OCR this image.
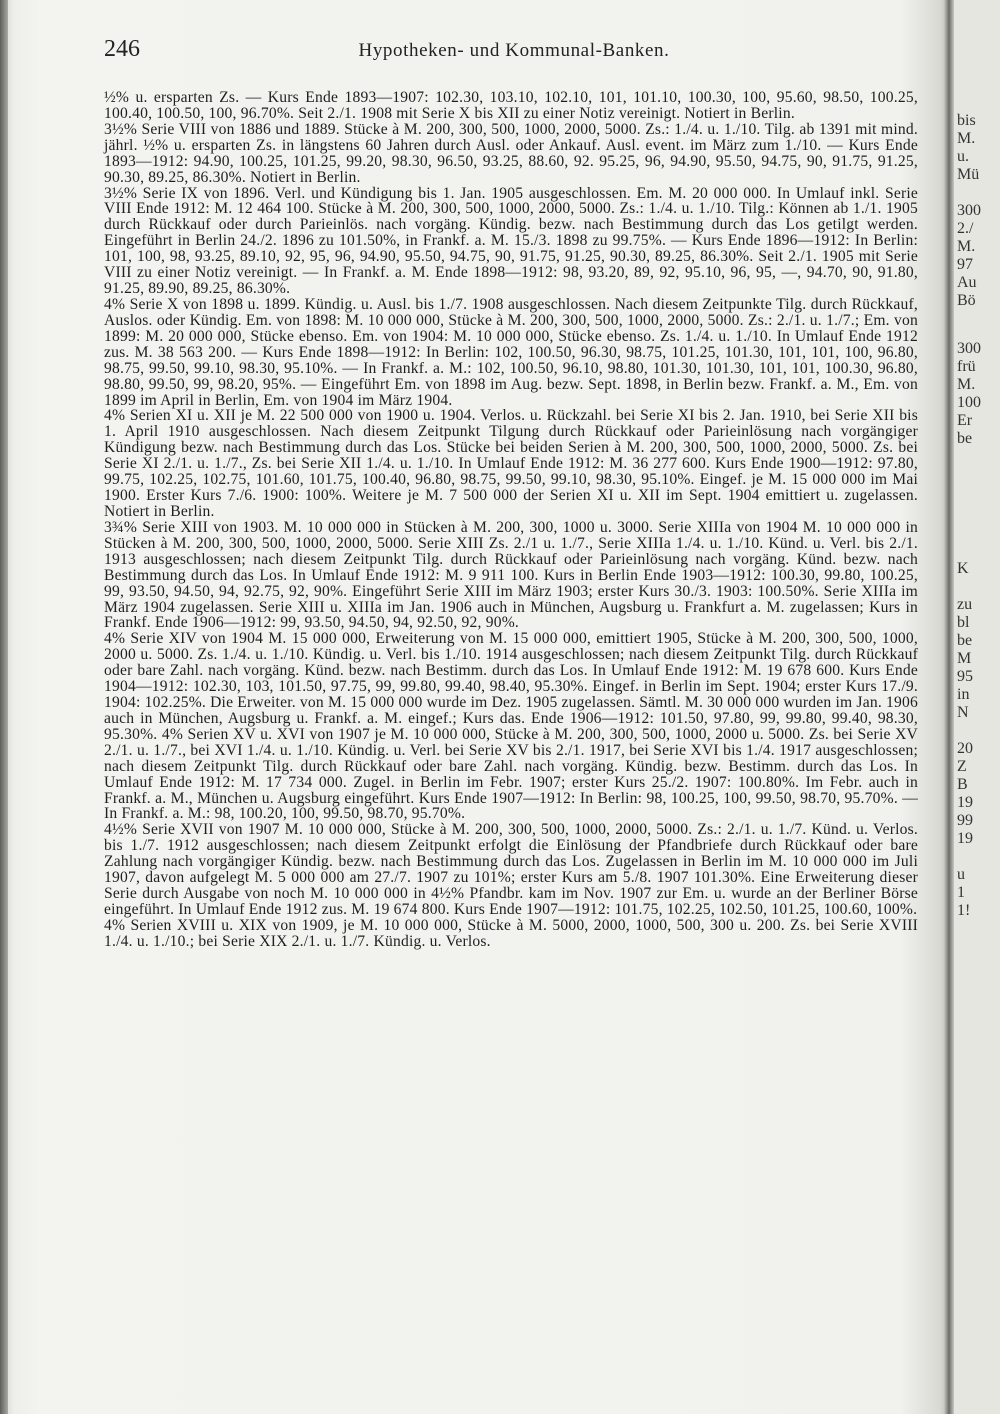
246	Hypotheken- und Kommunal-Banken.

½% u. ersparten Zs. — Kurs Ende 1893—1907: 102.30, 103.10, 102.10, 101, 101.10, 100.30, 100, 95.60, 98.50, 100.25, 100.40, 100.50, 100, 96.70%. Seit 2./1. 1908 mit Serie X bis XII zu einer Notiz vereinigt. Notiert in Berlin.

3½% Serie VIII von 1886 und 1889. Stücke à M. 200, 300, 500, 1000, 2000, 5000. Zs.: 1./4. u. 1./10. Tilg. ab 1391 mit mind. jährl. ½% u. ersparten Zs. in längstens 60 Jahren durch Ausl. oder Ankauf. Ausl. event. im März zum 1./10. — Kurs Ende 1893—1912: 94.90, 100.25, 101.25, 99.20, 98.30, 96.50, 93.25, 88.60, 92. 95.25, 96, 94.90, 95.50, 94.75, 90, 91.75, 91.25, 90.30, 89.25, 86.30%. Notiert in Berlin.

3½% Serie IX von 1896. Verl. und Kündigung bis 1. Jan. 1905 ausgeschlossen. Em. M. 20 000 000. In Umlauf inkl. Serie VIII Ende 1912: M. 12 464 100. Stücke à M. 200, 300, 500, 1000, 2000, 5000. Zs.: 1./4. u. 1./10. Tilg.: Können ab 1./1. 1905 durch Rückkauf oder durch Parieinlös. nach vorgäng. Kündig. bezw. nach Bestimmung durch das Los getilgt werden. Eingeführt in Berlin 24./2. 1896 zu 101.50%, in Frankf. a. M. 15./3. 1898 zu 99.75%. — Kurs Ende 1896—1912: In Berlin: 101, 100, 98, 93.25, 89.10, 92, 95, 96, 94.90, 95.50, 94.75, 90, 91.75, 91.25, 90.30, 89.25, 86.30%. Seit 2./1. 1905 mit Serie VIII zu einer Notiz vereinigt. — In Frankf. a. M. Ende 1898—1912: 98, 93.20, 89, 92, 95.10, 96, 95, —, 94.70, 90, 91.80, 91.25, 89.90, 89.25, 86.30%.

4% Serie X von 1898 u. 1899. Kündig. u. Ausl. bis 1./7. 1908 ausgeschlossen. Nach diesem Zeitpunkte Tilg. durch Rückkauf, Auslos. oder Kündig. Em. von 1898: M. 10 000 000, Stücke à M. 200, 300, 500, 1000, 2000, 5000. Zs.: 2./1. u. 1./7.; Em. von 1899: M. 20 000 000, Stücke ebenso. Em. von 1904: M. 10 000 000, Stücke ebenso. Zs. 1./4. u. 1./10. In Umlauf Ende 1912 zus. M. 38 563 200. — Kurs Ende 1898—1912: In Berlin: 102, 100.50, 96.30, 98.75, 101.25, 101.30, 101, 101, 100, 96.80, 98.75, 99.50, 99.10, 98.30, 95.10%. — In Frankf. a. M.: 102, 100.50, 96.10, 98.80, 101.30, 101.30, 101, 101, 100.30, 96.80, 98.80, 99.50, 99, 98.20, 95%. — Eingeführt Em. von 1898 im Aug. bezw. Sept. 1898, in Berlin bezw. Frankf. a. M., Em. von 1899 im April in Berlin, Em. von 1904 im März 1904.

4% Serien XI u. XII je M. 22 500 000 von 1900 u. 1904. Verlos. u. Rückzahl. bei Serie XI bis 2. Jan. 1910, bei Serie XII bis 1. April 1910 ausgeschlossen. Nach diesem Zeitpunkt Tilgung durch Rückkauf oder Parieinlösung nach vorgängiger Kündigung bezw. nach Bestimmung durch das Los. Stücke bei beiden Serien à M. 200, 300, 500, 1000, 2000, 5000. Zs. bei Serie XI 2./1. u. 1./7., Zs. bei Serie XII 1./4. u. 1./10. In Umlauf Ende 1912: M. 36 277 600. Kurs Ende 1900—1912: 97.80, 99.75, 102.25, 102.75, 101.60, 101.75, 100.40, 96.80, 98.75, 99.50, 99.10, 98.30, 95.10%. Eingef. je M. 15 000 000 im Mai 1900. Erster Kurs 7./6. 1900: 100%. Weitere je M. 7 500 000 der Serien XI u. XII im Sept. 1904 emittiert u. zugelassen. Notiert in Berlin.

3¾% Serie XIII von 1903. M. 10 000 000 in Stücken à M. 200, 300, 1000 u. 3000. Serie XIIIa von 1904 M. 10 000 000 in Stücken à M. 200, 300, 500, 1000, 2000, 5000. Serie XIII Zs. 2./1 u. 1./7., Serie XIIIa 1./4. u. 1./10. Künd. u. Verl. bis 2./1. 1913 ausgeschlossen; nach diesem Zeitpunkt Tilg. durch Rückkauf oder Parieinlösung nach vorgäng. Künd. bezw. nach Bestimmung durch das Los. In Umlauf Ende 1912: M. 9 911 100. Kurs in Berlin Ende 1903—1912: 100.30, 99.80, 100.25, 99, 93.50, 94.50, 94, 92.75, 92, 90%. Eingeführt Serie XIII im März 1903; erster Kurs 30./3. 1903: 100.50%. Serie XIIIa im März 1904 zugelassen. Serie XIII u. XIIIa im Jan. 1906 auch in München, Augsburg u. Frankfurt a. M. zugelassen; Kurs in Frankf. Ende 1906—1912: 99, 93.50, 94.50, 94, 92.50, 92, 90%.

4% Serie XIV von 1904 M. 15 000 000, Erweiterung von M. 15 000 000, emittiert 1905, Stücke à M. 200, 300, 500, 1000, 2000 u. 5000. Zs. 1./4. u. 1./10. Kündig. u. Verl. bis 1./10. 1914 ausgeschlossen; nach diesem Zeitpunkt Tilg. durch Rückkauf oder bare Zahl. nach vorgäng. Künd. bezw. nach Bestimm. durch das Los. In Umlauf Ende 1912: M. 19 678 600. Kurs Ende 1904—1912: 102.30, 103, 101.50, 97.75, 99, 99.80, 99.40, 98.40, 95.30%. Eingef. in Berlin im Sept. 1904; erster Kurs 17./9. 1904: 102.25%. Die Erweiter. von M. 15 000 000 wurde im Dez. 1905 zugelassen. Sämtl. M. 30 000 000 wurden im Jan. 1906 auch in München, Augsburg u. Frankf. a. M. eingef.; Kurs das. Ende 1906—1912: 101.50, 97.80, 99, 99.80, 99.40, 98.30, 95.30%. 4% Serien XV u. XVI von 1907 je M. 10 000 000, Stücke à M. 200, 300, 500, 1000, 2000 u. 5000. Zs. bei Serie XV 2./1. u. 1./7., bei XVI 1./4. u. 1./10. Kündig. u. Verl. bei Serie XV bis 2./1. 1917, bei Serie XVI bis 1./4. 1917 ausgeschlossen; nach diesem Zeitpunkt Tilg. durch Rückkauf oder bare Zahl. nach vorgäng. Kündig. bezw. Bestimm. durch das Los. In Umlauf Ende 1912: M. 17 734 000. Zugel. in Berlin im Febr. 1907; erster Kurs 25./2. 1907: 100.80%. Im Febr. auch in Frankf. a. M., München u. Augsburg eingeführt. Kurs Ende 1907—1912: In Berlin: 98, 100.25, 100, 99.50, 98.70, 95.70%. — In Frankf. a. M.: 98, 100.20, 100, 99.50, 98.70, 95.70%.

4½% Serie XVII von 1907 M. 10 000 000, Stücke à M. 200, 300, 500, 1000, 2000, 5000. Zs.: 2./1. u. 1./7. Künd. u. Verlos. bis 1./7. 1912 ausgeschlossen; nach diesem Zeitpunkt erfolgt die Einlösung der Pfandbriefe durch Rückkauf oder bare Zahlung nach vorgängiger Kündig. bezw. nach Bestimmung durch das Los. Zugelassen in Berlin im M. 10 000 000 im Juli 1907, davon aufgelegt M. 5 000 000 am 27./7. 1907 zu 101%; erster Kurs am 5./8. 1907 101.30%. Eine Erweiterung dieser Serie durch Ausgabe von noch M. 10 000 000 in 4½% Pfandbr. kam im Nov. 1907 zur Em. u. wurde an der Berliner Börse eingeführt. In Umlauf Ende 1912 zus. M. 19 674 800. Kurs Ende 1907—1912: 101.75, 102.25, 102.50, 101.25, 100.60, 100%.

4% Serien XVIII u. XIX von 1909, je M. 10 000 000, Stücke à M. 5000, 2000, 1000, 500, 300 u. 200. Zs. bei Serie XVIII 1./4. u. 1./10.; bei Serie XIX 2./1. u. 1./7. Kündig. u. Verlos.

bis
M.
u.
Mü
300
2./
M.
97
Au
Bö
300
frü
M.
100
Er
be
K
zu
bl
be
M
95
in
N
20
Z
B
19
99
19
u
1
1!
